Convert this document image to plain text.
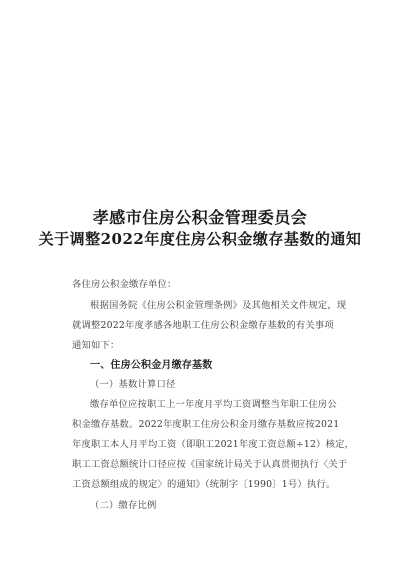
孝感市住房公积金管理委员会
关于调整2022年度住房公积金缴存基数的通知
各住房公积金缴存单位：
根据国务院《住房公积金管理条例》及其他相关文件规定，现
就调整2022年度孝感各地职工住房公积金缴存基数的有关事项
通知如下：
一、住房公积金月缴存基数
（一）基数计算口径
缴存单位应按职工上一年度月平均工资调整当年职工住房公
积金缴存基数。2022年度职工住房公积金月缴存基数应按2021
年度职工本人月平均工资（即职工2021年度工资总额÷12）核定，
职工工资总额统计口径应按《国家统计局关于认真贯彻执行〈关于
工资总额组成的规定〉的通知》（统制字〔1990〕1号）执行。
（二）缴存比例
